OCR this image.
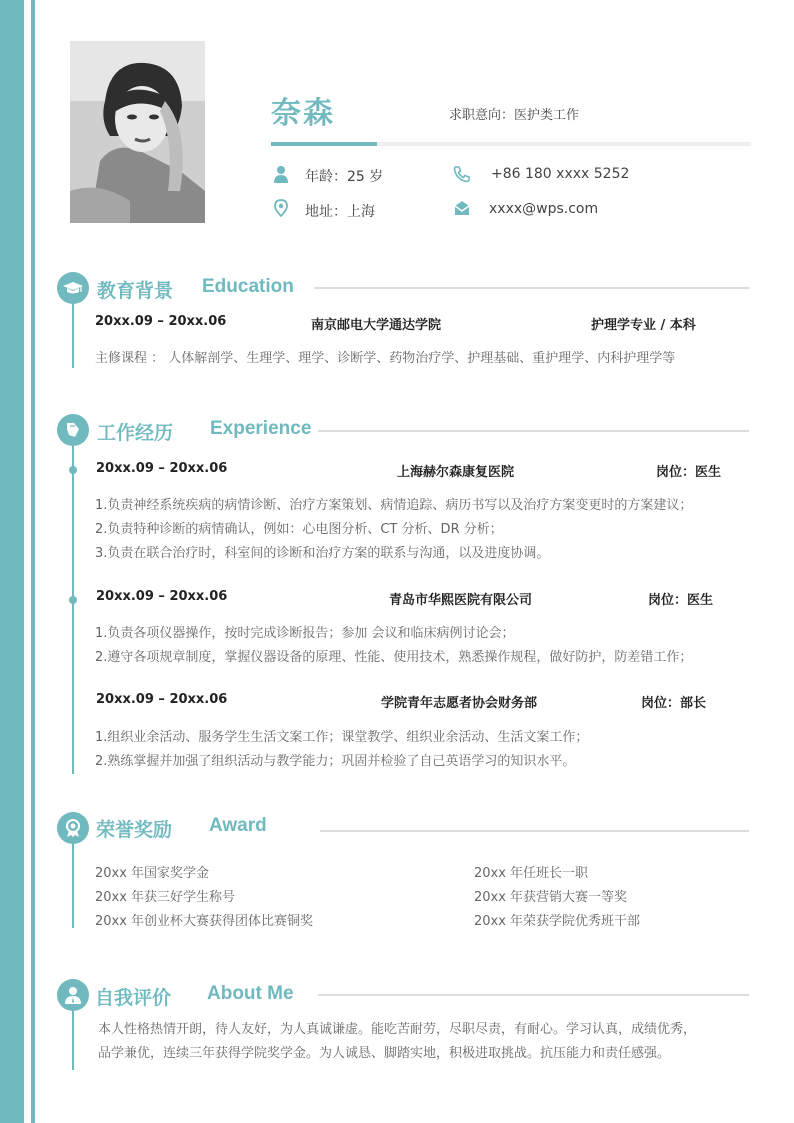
奈森	求职意向：医护类工作
年龄：25 岁	+86 180 xxxx 5252
地址：上海	xxxx@wps.com
教育背景 Education
20xx.09 – 20xx.06	南京邮电大学通达学院	护理学专业 / 本科
主修课程 ： 人体解剖学、生理学、理学、诊断学、药物治疗学、护理基础、重护理学、内科护理学等
工作经历 Experience
20xx.09 – 20xx.06	上海赫尔森康复医院	岗位：医生
1.负责神经系统疾病的病情诊断、治疗方案策划、病情追踪、病历书写以及治疗方案变更时的方案建议；
2.负责特种诊断的病情确认，例如：心电图分析、CT 分析、DR 分析；
3.负责在联合治疗时，科室间的诊断和治疗方案的联系与沟通，以及进度协调。
20xx.09 – 20xx.06	青岛市华熙医院有限公司	岗位：医生
1.负责各项仪器操作，按时完成诊断报告；参加 会议和临床病例讨论会；
2.遵守各项规章制度，掌握仪器设备的原理、性能、使用技术，熟悉操作规程，做好防护，防差错工作；
20xx.09 – 20xx.06	学院青年志愿者协会财务部	岗位：部长
1.组织业余活动、服务学生生活文案工作；课堂教学、组织业余活动、生活文案工作；
2.熟练掌握并加强了组织活动与教学能力；巩固并检验了自己英语学习的知识水平。
荣誉奖励 Award
20xx 年国家奖学金
20xx 年获三好学生称号
20xx 年创业杯大赛获得团体比赛铜奖
20xx 年任班长一职
20xx 年获营销大赛一等奖
20xx 年荣获学院优秀班干部
自我评价 About Me
本人性格热情开朗，待人友好，为人真诚谦虚。能吃苦耐劳，尽职尽责，有耐心。学习认真，成绩优秀，
品学兼优，连续三年获得学院奖学金。为人诚恳、脚踏实地，积极进取挑战。抗压能力和责任感强。
